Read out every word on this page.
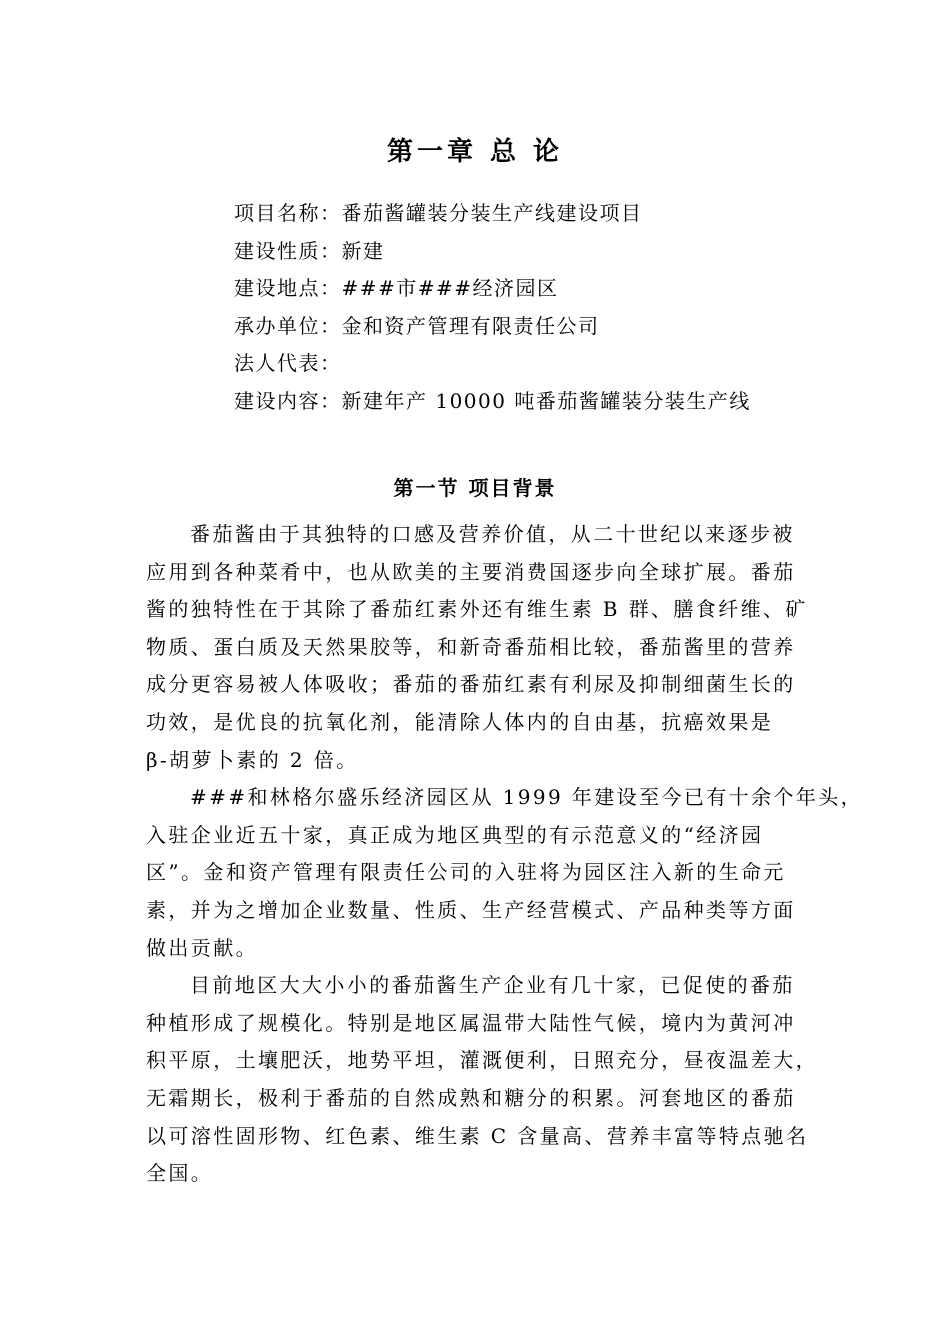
第一章 总 论
项目名称：番茄酱罐装分装生产线建设项目
建设性质：新建
建设地点：###市###经济园区
承办单位：金和资产管理有限责任公司
法人代表：
建设内容：新建年产 10000 吨番茄酱罐装分装生产线
第一节 项目背景
番茄酱由于其独特的口感及营养价值，从二十世纪以来逐步被
应用到各种菜肴中，也从欧美的主要消费国逐步向全球扩展。番茄
酱的独特性在于其除了番茄红素外还有维生素 B 群、膳食纤维、矿
物质、蛋白质及天然果胶等，和新奇番茄相比较，番茄酱里的营养
成分更容易被人体吸收；番茄的番茄红素有利尿及抑制细菌生长的
功效，是优良的抗氧化剂，能清除人体内的自由基，抗癌效果是
β-胡萝卜素的 2 倍。
###和林格尔盛乐经济园区从 1999 年建设至今已有十余个年头，
入驻企业近五十家，真正成为地区典型的有示范意义的“经济园
区”。金和资产管理有限责任公司的入驻将为园区注入新的生命元
素，并为之增加企业数量、性质、生产经营模式、产品种类等方面
做出贡献。
目前地区大大小小的番茄酱生产企业有几十家，已促使的番茄
种植形成了规模化。特别是地区属温带大陆性气候，境内为黄河冲
积平原，土壤肥沃，地势平坦，灌溉便利，日照充分，昼夜温差大，
无霜期长，极利于番茄的自然成熟和糖分的积累。河套地区的番茄
以可溶性固形物、红色素、维生素 C 含量高、营养丰富等特点驰名
全国。
